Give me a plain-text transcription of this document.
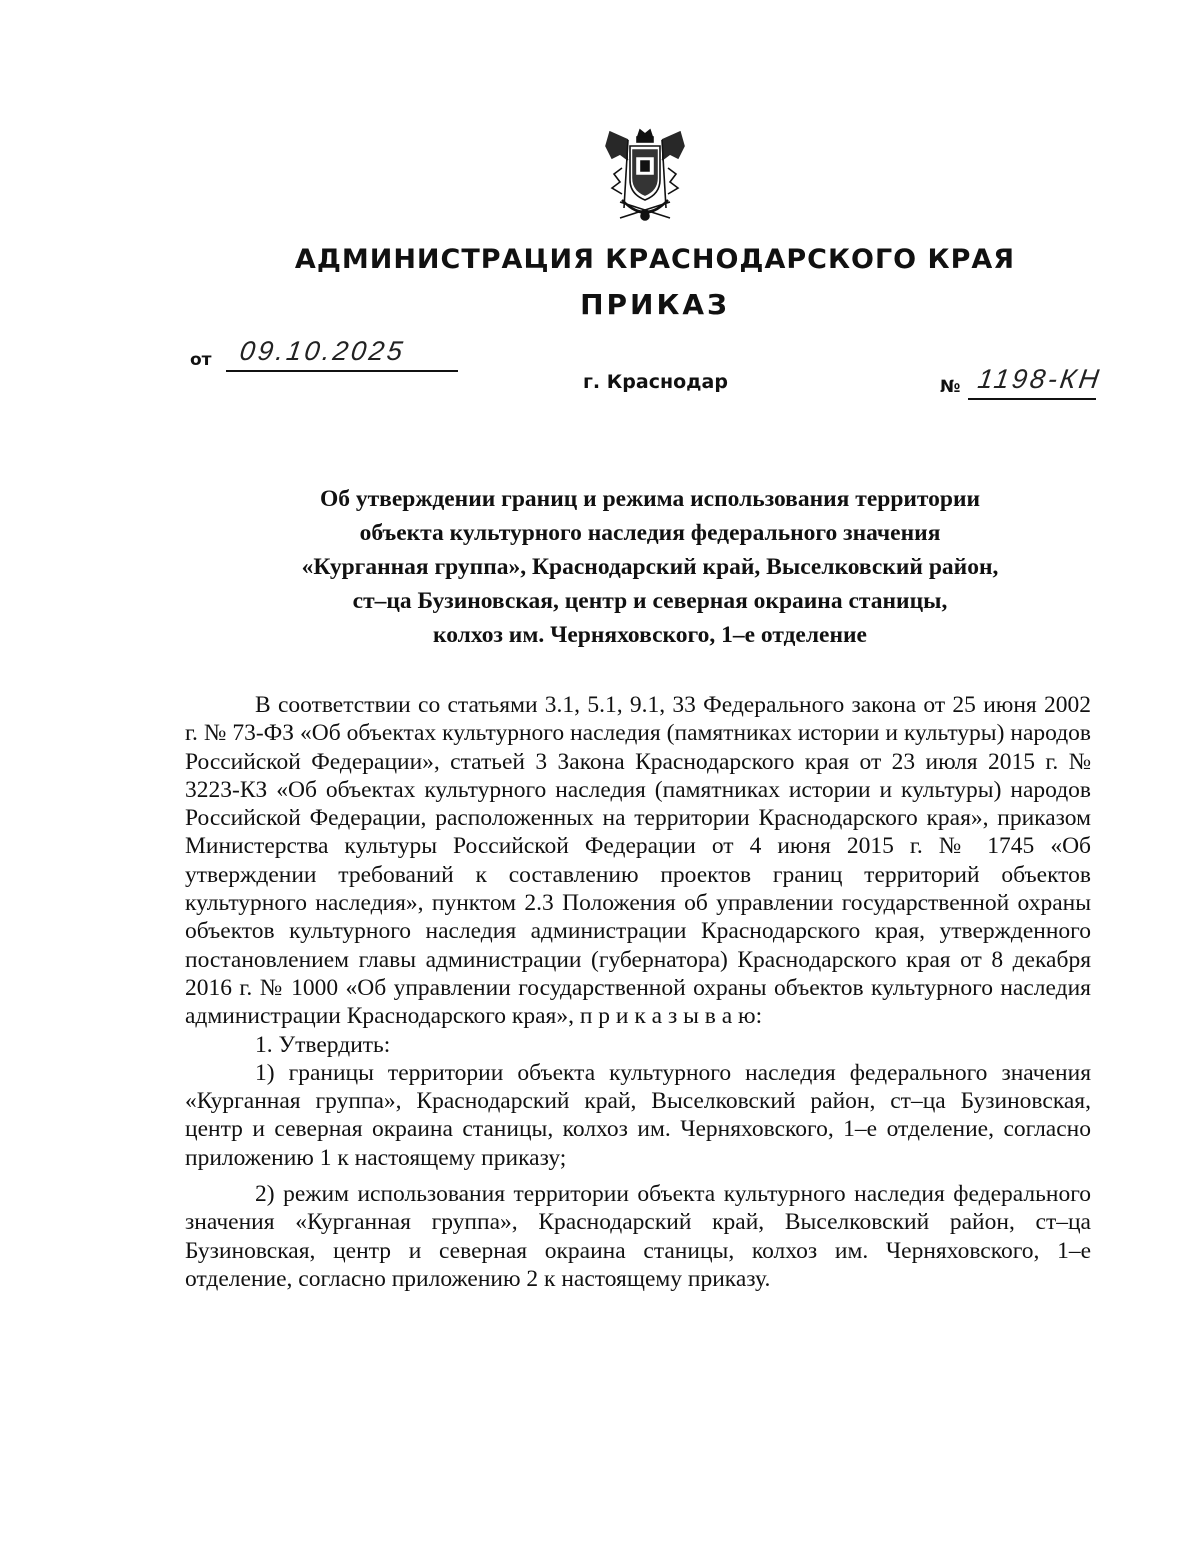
АДМИНИСТРАЦИЯ КРАСНОДАРСКОГО КРАЯ
ПРИКАЗ
от 09.10.2025
г. Краснодар	№ 1198-КН
Об утверждении границ и режима использования территории
объекта культурного наследия федерального значения
«Курганная группа», Краснодарский край, Выселковский район,
ст–ца Бузиновская, центр и северная окраина станицы,
колхоз им. Черняховского, 1–е отделение

В соответствии со статьями 3.1, 5.1, 9.1, 33 Федерального закона от 25 июня 2002 г. № 73-ФЗ «Об объектах культурного наследия (памятниках истории и культуры) народов Российской Федерации», статьей 3 Закона Краснодарского края от 23 июля 2015 г. № 3223-КЗ «Об объектах культурного наследия (памятниках истории и культуры) народов Российской Федерации, расположенных на территории Краснодарского края», приказом Министерства культуры Российской Федерации от 4 июня 2015 г. № 1745 «Об утверждении требований к составлению проектов границ территорий объектов культурного наследия», пунктом 2.3 Положения об управлении государственной охраны объектов культурного наследия администрации Краснодарского края, утвержденного постановлением главы администрации (губернатора) Краснодарского края от 8 декабря 2016 г. № 1000 «Об управлении государственной охраны объектов культурного наследия администрации Краснодарского края», п р и к а з ы в а ю:

1. Утвердить:

1) границы территории объекта культурного наследия федерального значения «Курганная группа», Краснодарский край, Выселковский район, ст–ца Бузиновская, центр и северная окраина станицы, колхоз им. Черняховского, 1–е отделение, согласно приложению 1 к настоящему приказу;

2) режим использования территории объекта культурного наследия федерального значения «Курганная группа», Краснодарский край, Выселковский район, ст–ца Бузиновская, центр и северная окраина станицы, колхоз им. Черняховского, 1–е отделение, согласно приложению 2 к настоящему приказу.
